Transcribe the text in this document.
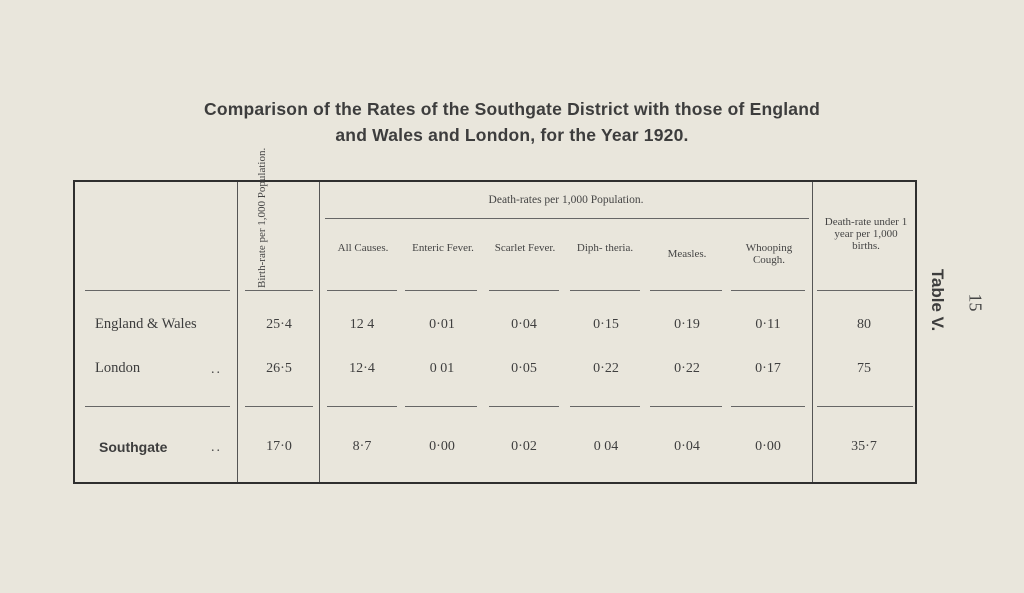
Comparison of the Rates of the Southgate District with those of England
and Wales and London, for the Year 1920.
15
Table V.
Birth-rate per 1,000 Population.	Death-rates per 1,000 Population.
All Causes.	Enteric Fever.	Scarlet Fever.	Diph- theria.	Measles.	Whooping Cough.
Death-rate under 1 year per 1,000 births.
England & Wales	25·4	12 4	0·01	0·04	0·15	0·19	0·11	80
London	..	26·5	12·4	0 01	0·05	0·22	0·22	0·17	75
Southgate	..	17·0	8·7	0·00	0·02	0 04	0·04	0·00	35·7
